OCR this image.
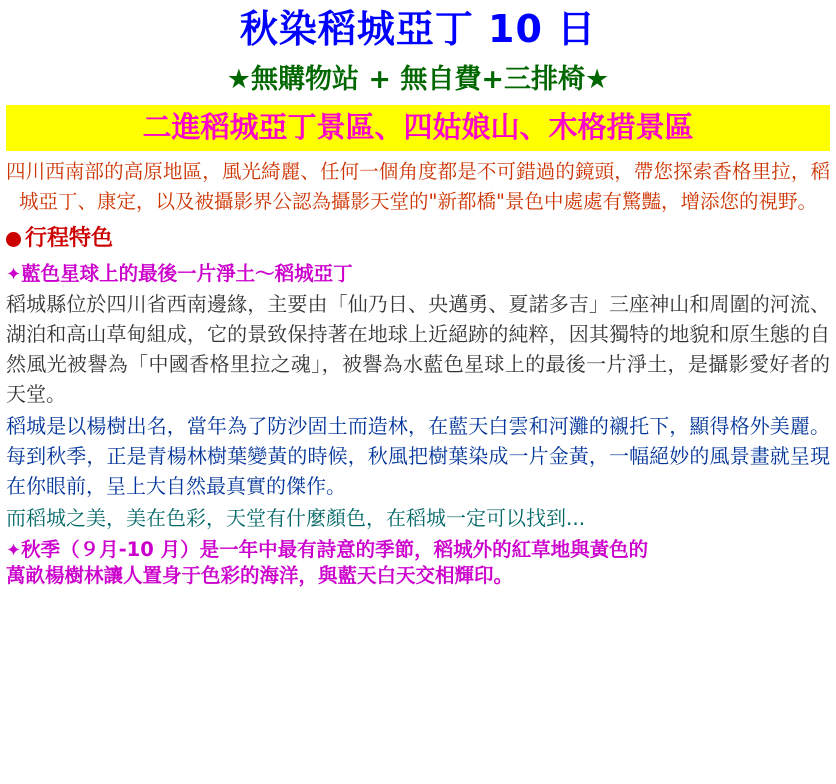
秋染稻城亞丁 10 日
★無購物站 + 無自費+三排椅★
二進稻城亞丁景區、四姑娘山、木格措景區

四川西南部的高原地區，風光綺麗、任何一個角度都是不可錯過的鏡頭，帶您探索香格里拉，稻城亞丁、康定，以及被攝影界公認為攝影天堂的"新都橋"景色中處處有驚豔，增添您的視野。

行程特色
✦藍色星球上的最後一片淨土～稻城亞丁
稻城縣位於四川省西南邊緣，主要由「仙乃日、央邁勇、夏諾多吉」三座神山和周圍的河流、湖泊和高山草甸組成，它的景致保持著在地球上近絕跡的純粹，因其獨特的地貌和原生態的自然風光被譽為「中國香格里拉之魂」，被譽為水藍色星球上的最後一片淨土，是攝影愛好者的天堂。
稻城是以楊樹出名，當年為了防沙固土而造林，在藍天白雲和河灘的襯托下，顯得格外美麗。每到秋季，正是青楊林樹葉變黃的時候，秋風把樹葉染成一片金黃，一幅絕妙的風景畫就呈現在你眼前，呈上大自然最真實的傑作。
而稻城之美，美在色彩，天堂有什麼顏色，在稻城一定可以找到...
✦秋季（９月-10 月）是一年中最有詩意的季節，稻城外的紅草地與黃色的
萬畝楊樹林讓人置身于色彩的海洋，與藍天白天交相輝印。
